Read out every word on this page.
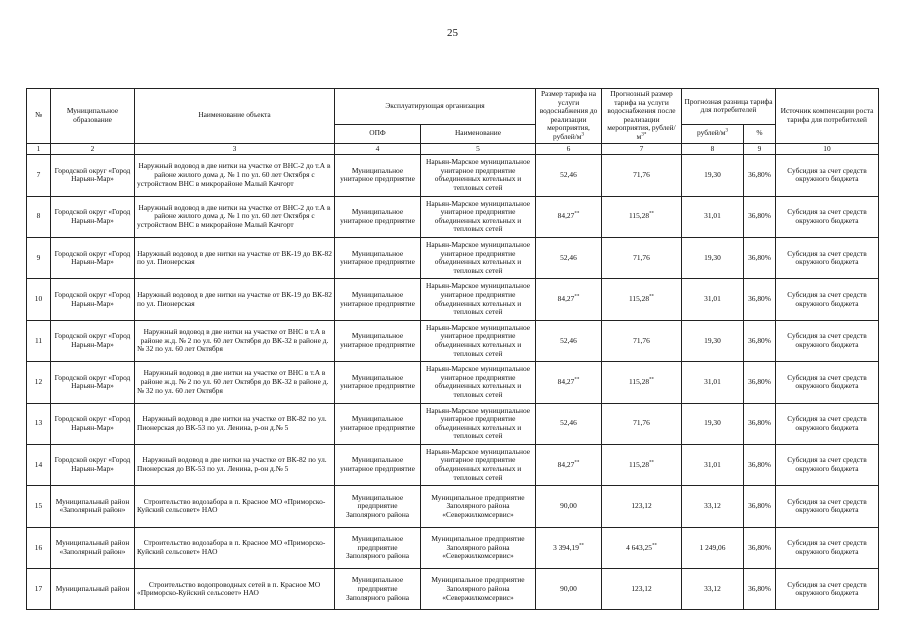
25
№	Муниципальное образование	Наименование объекта	Эксплуатирующая организация		Размер тарифа на услуги водоснабжения до реализации мероприятия, рублей/$м^3$	Прогнозный размер тарифа на услуги водоснабжения после реализации мероприятия, рублей/$м^{3*}$	Прогнозная разница тарифа для потребителей		Источник компенсации роста тарифа для потребителей
			ОПФ	Наименование			рублей/$м^3$	%	
1	2	3	4	5	6	7	8	9	10
7	Городской округ «Город Нарьян-Мар»	Наружный водовод в две нитки на участке от ВНС-2 до т.А в районе жилого дома д. № 1 по ул. 60 лет Октября с устройством ВНС в микрорайоне Малый Качгорт	Муниципальное унитарное предприятие	Нарьян-Марское муниципальное унитарное предприятие объединенных котельных и тепловых сетей	52,46	71,76	19,30	36,80%	Субсидия за счет средств окружного бюджета
8	Городской округ «Город Нарьян-Мар»	Наружный водовод в две нитки на участке от ВНС-2 до т.А в районе жилого дома д. № 1 по ул. 60 лет Октября с устройством ВНС в микрорайоне Малый Качгорт	Муниципальное унитарное предприятие	Нарьян-Марское муниципальное унитарное предприятие объединенных котельных и тепловых сетей	84,27**	115,28**	31,01	36,80%	Субсидия за счет средств окружного бюджета
9	Городской округ «Город Нарьян-Мар»	Наружный водовод в две нитки на участке от ВК-19 до ВК-82 по ул. Пионерская	Муниципальное унитарное предприятие	Нарьян-Марское муниципальное унитарное предприятие объединенных котельных и тепловых сетей	52,46	71,76	19,30	36,80%	Субсидия за счет средств окружного бюджета
10	Городской округ «Город Нарьян-Мар»	Наружный водовод в две нитки на участке от ВК-19 до ВК-82 по ул. Пионерская	Муниципальное унитарное предприятие	Нарьян-Марское муниципальное унитарное предприятие объединенных котельных и тепловых сетей	84,27**	115,28**	31,01	36,80%	Субсидия за счет средств окружного бюджета
11	Городской округ «Город Нарьян-Мар»	Наружный водовод в две нитки на участке от ВНС в т.А в районе ж.д. № 2 по ул. 60 лет Октября до ВК-32 в районе д. № 32 по ул. 60 лет Октября	Муниципальное унитарное предприятие	Нарьян-Марское муниципальное унитарное предприятие объединенных котельных и тепловых сетей	52,46	71,76	19,30	36,80%	Субсидия за счет средств окружного бюджета
12	Городской округ «Город Нарьян-Мар»	Наружный водовод в две нитки на участке от ВНС в т.А в районе ж.д. № 2 по ул. 60 лет Октября до ВК-32 в районе д. № 32 по ул. 60 лет Октября	Муниципальное унитарное предприятие	Нарьян-Марское муниципальное унитарное предприятие объединенных котельных и тепловых сетей	84,27**	115,28**	31,01	36,80%	Субсидия за счет средств окружного бюджета
13	Городской округ «Город Нарьян-Мар»	Наружный водовод в две нитки на участке от ВК-82 по ул. Пионерская до ВК-53 по ул. Ленина, р-он д.№ 5	Муниципальное унитарное предприятие	Нарьян-Марское муниципальное унитарное предприятие объединенных котельных и тепловых сетей	52,46	71,76	19,30	36,80%	Субсидия за счет средств окружного бюджета
14	Городской округ «Город Нарьян-Мар»	Наружный водовод в две нитки на участке от ВК-82 по ул. Пионерская до ВК-53 по ул. Ленина, р-он д.№ 5	Муниципальное унитарное предприятие	Нарьян-Марское муниципальное унитарное предприятие объединенных котельных и тепловых сетей	84,27**	115,28**	31,01	36,80%	Субсидия за счет средств окружного бюджета
15	Муниципальный район «Заполярный район»	Строительство водозабора в п. Красное МО «Приморско-Куйский сельсовет» НАО	Муниципальное предприятие Заполярного района	Муниципальное предприятие Заполярного района «Севержилкомсервис»	90,00	123,12	33,12	36,80%	Субсидия за счет средств окружного бюджета
16	Муниципальный район «Заполярный район»	Строительство водозабора в п. Красное МО «Приморско-Куйский сельсовет» НАО	Муниципальное предприятие Заполярного района	Муниципальное предприятие Заполярного района «Севержилкомсервис»	3 394,19**	4 643,25**	1 249,06	36,80%	Субсидия за счет средств окружного бюджета
17	Муниципальный район	Строительство водопроводных сетей в п. Красное МО «Приморско-Куйский сельсовет» НАО	Муниципальное предприятие Заполярного района	Муниципальное предприятие Заполярного района «Севержилкомсервис»	90,00	123,12	33,12	36,80%	Субсидия за счет средств окружного бюджета
